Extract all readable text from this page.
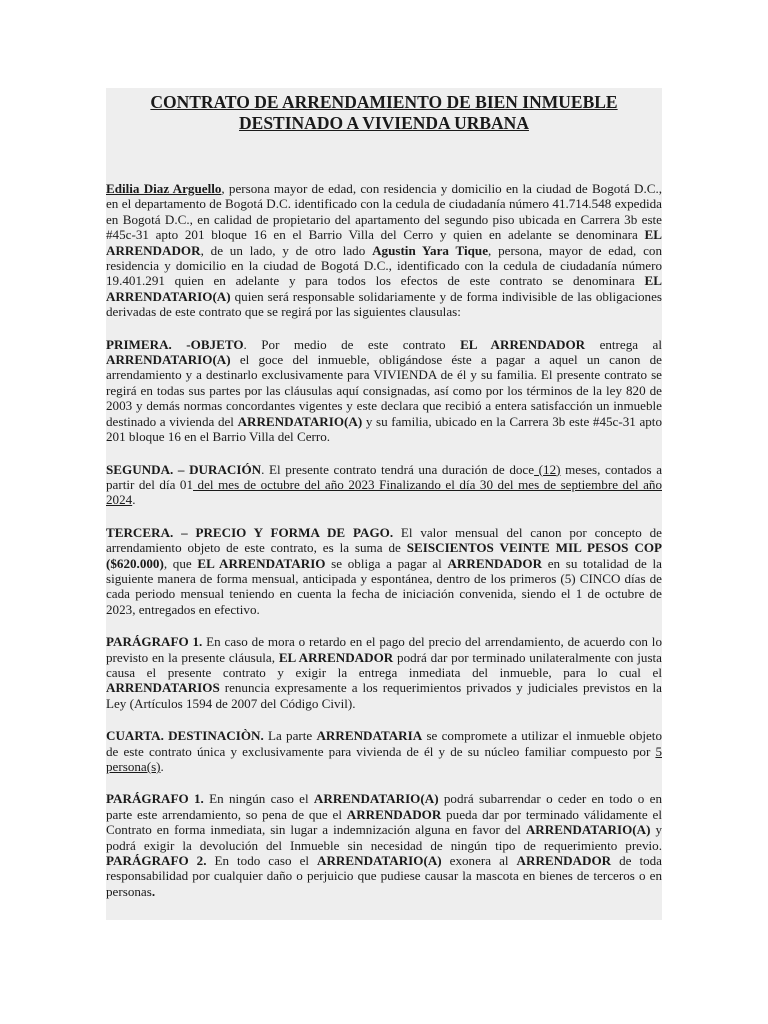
CONTRATO DE ARRENDAMIENTO DE BIEN INMUEBLE
DESTINADO A VIVIENDA URBANA

Edilia Diaz Arguello, persona mayor de edad, con residencia y domicilio en la ciudad de Bogotá D.C., en el departamento de Bogotá D.C. identificado con la cedula de ciudadanía número 41.714.548 expedida en Bogotá D.C., en calidad de propietario del apartamento del segundo piso ubicada en Carrera 3b este #45c-31 apto 201 bloque 16 en el Barrio Villa del Cerro y quien en adelante se denominara EL ARRENDADOR, de un lado, y de otro lado Agustin Yara Tique, persona, mayor de edad, con residencia y domicilio en la ciudad de Bogotá D.C., identificado con la cedula de ciudadanía número 19.401.291 quien en adelante y para todos los efectos de este contrato se denominara EL ARRENDATARIO(A) quien será responsable solidariamente y de forma indivisible de las obligaciones derivadas de este contrato que se regirá por las siguientes clausulas:

PRIMERA. -OBJETO. Por medio de este contrato EL ARRENDADOR entrega al ARRENDATARIO(A) el goce del inmueble, obligándose éste a pagar a aquel un canon de arrendamiento y a destinarlo exclusivamente para VIVIENDA de él y su familia. El presente contrato se regirá en todas sus partes por las cláusulas aquí consignadas, así como por los términos de la ley 820 de 2003 y demás normas concordantes vigentes y este declara que recibió a entera satisfacción un inmueble destinado a vivienda del ARRENDATARIO(A) y su familia, ubicado en la Carrera 3b este #45c-31 apto 201 bloque 16 en el Barrio Villa del Cerro.

SEGUNDA. – DURACIÓN. El presente contrato tendrá una duración de doce (12) meses, contados a partir del día 01 del mes de octubre del año 2023 Finalizando el día 30 del mes de septiembre del año 2024.

TERCERA. – PRECIO Y FORMA DE PAGO. El valor mensual del canon por concepto de arrendamiento objeto de este contrato, es la suma de SEISCIENTOS VEINTE MIL PESOS COP ($620.000), que EL ARRENDATARIO se obliga a pagar al ARRENDADOR en su totalidad de la siguiente manera de forma mensual, anticipada y espontánea, dentro de los primeros (5) CINCO días de cada periodo mensual teniendo en cuenta la fecha de iniciación convenida, siendo el 1 de octubre de 2023, entregados en efectivo.

PARÁGRAFO 1. En caso de mora o retardo en el pago del precio del arrendamiento, de acuerdo con lo previsto en la presente cláusula, EL ARRENDADOR podrá dar por terminado unilateralmente con justa causa el presente contrato y exigir la entrega inmediata del inmueble, para lo cual el ARRENDATARIOS renuncia expresamente a los requerimientos privados y judiciales previstos en la Ley (Artículos 1594 de 2007 del Código Civil).

CUARTA. DESTINACIÒN. La parte ARRENDATARIA se compromete a utilizar el inmueble objeto de este contrato única y exclusivamente para vivienda de él y de su núcleo familiar compuesto por 5 persona(s).

PARÁGRAFO 1. En ningún caso el ARRENDATARIO(A) podrá subarrendar o ceder en todo o en parte este arrendamiento, so pena de que el ARRENDADOR pueda dar por terminado válidamente el Contrato en forma inmediata, sin lugar a indemnización alguna en favor del ARRENDATARIO(A) y podrá exigir la devolución del Inmueble sin necesidad de ningún tipo de requerimiento previo. PARÁGRAFO 2. En todo caso el ARRENDATARIO(A) exonera al ARRENDADOR de toda responsabilidad por cualquier daño o perjuicio que pudiese causar la mascota en bienes de terceros o en personas.
